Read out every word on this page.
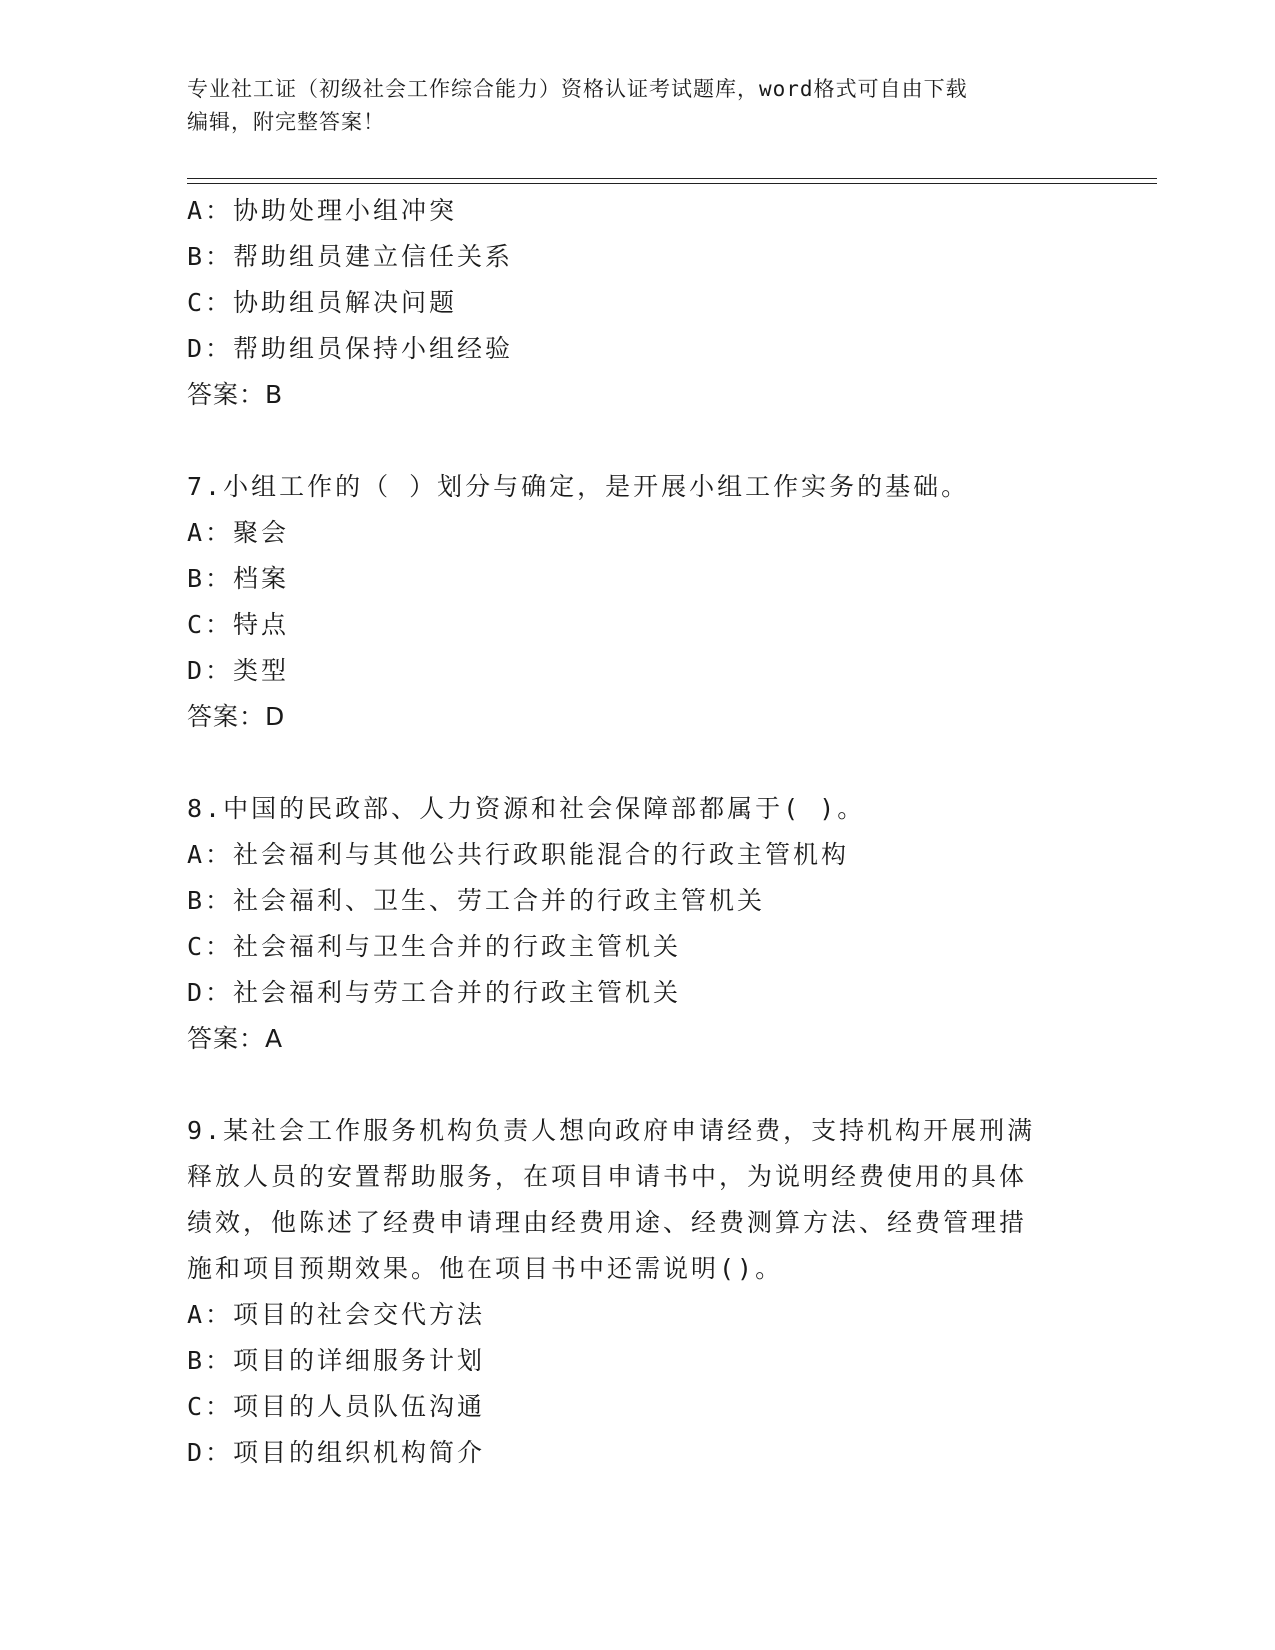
专业社工证（初级社会工作综合能力）资格认证考试题库，word格式可自由下载
编辑，附完整答案！
A：协助处理小组冲突
B：帮助组员建立信任关系
C：协助组员解决问题
D：帮助组员保持小组经验
答案：B
7.小组工作的（ ）划分与确定，是开展小组工作实务的基础。
A：聚会
B：档案
C：特点
D：类型
答案：D
8.中国的民政部、人力资源和社会保障部都属于( )。
A：社会福利与其他公共行政职能混合的行政主管机构
B：社会福利、卫生、劳工合并的行政主管机关
C：社会福利与卫生合并的行政主管机关
D：社会福利与劳工合并的行政主管机关
答案：A
9.某社会工作服务机构负责人想向政府申请经费，支持机构开展刑满
释放人员的安置帮助服务，在项目申请书中，为说明经费使用的具体
绩效，他陈述了经费申请理由经费用途、经费测算方法、经费管理措
施和项目预期效果。他在项目书中还需说明()。
A：项目的社会交代方法
B：项目的详细服务计划
C：项目的人员队伍沟通
D：项目的组织机构简介
